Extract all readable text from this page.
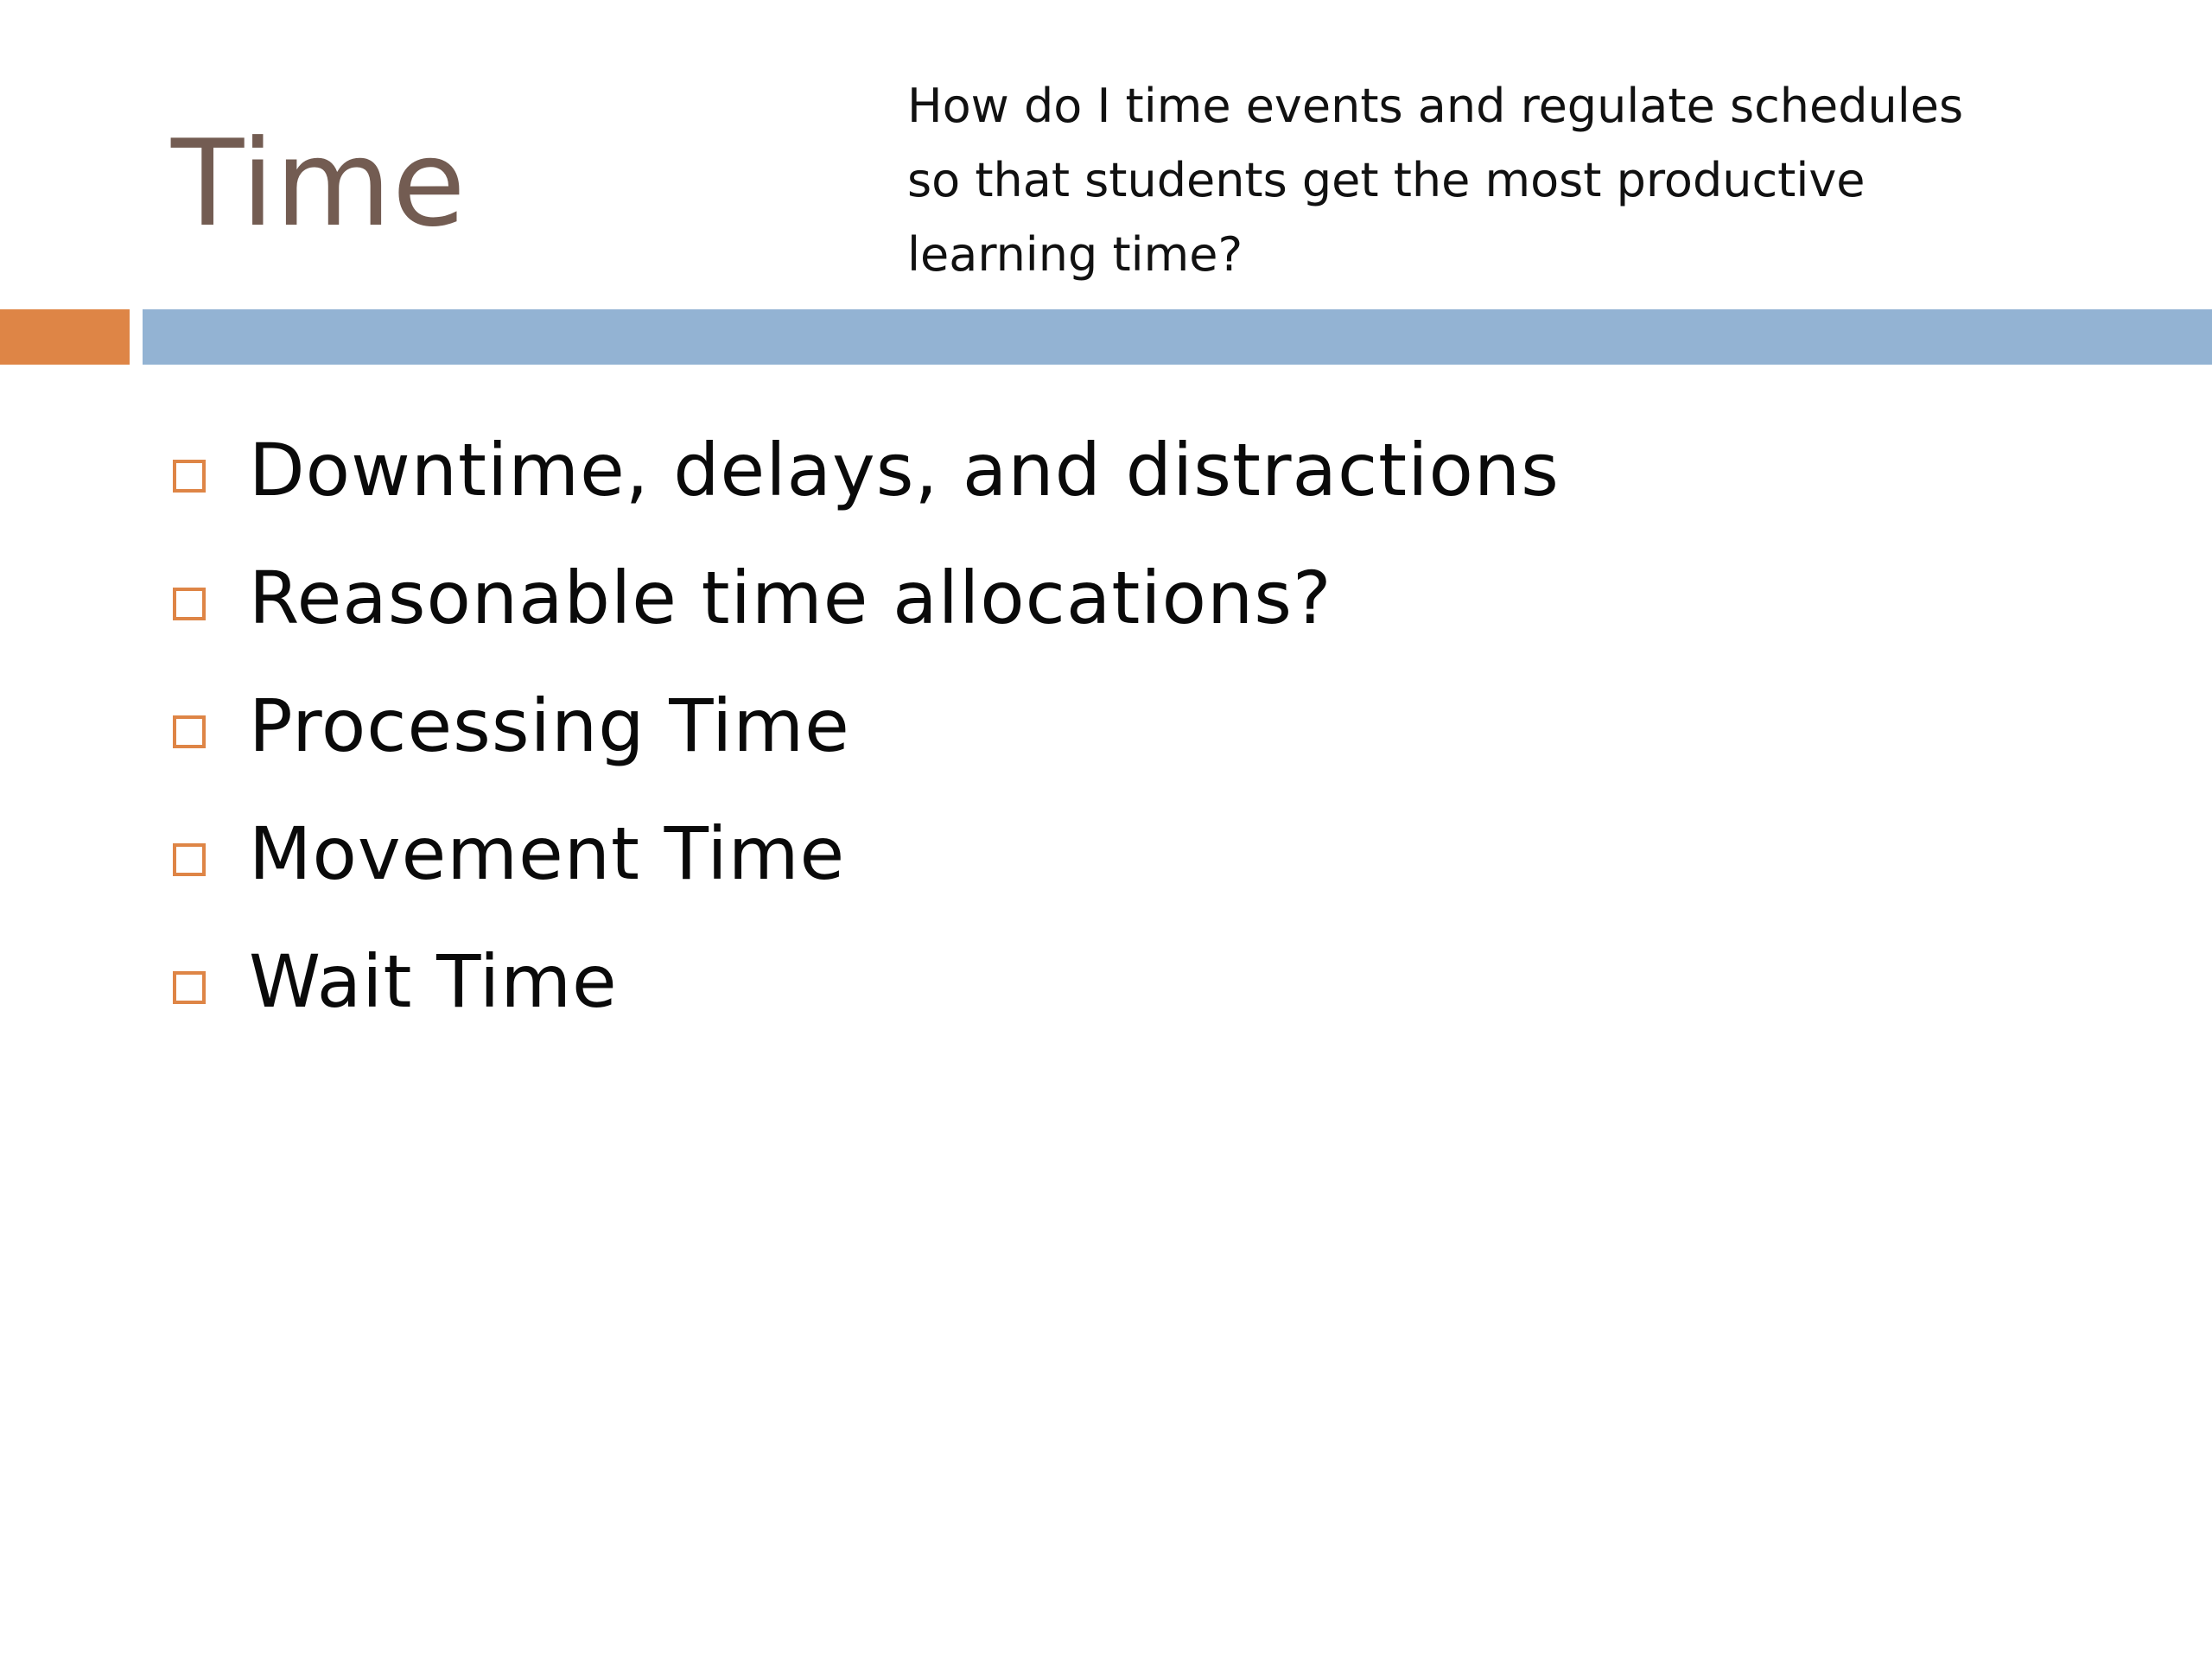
Time
How do I time events and regulate schedules
so that students get the most productive
learning time?
Downtime, delays, and distractions
Reasonable time allocations?
Processing Time
Movement Time
Wait Time
